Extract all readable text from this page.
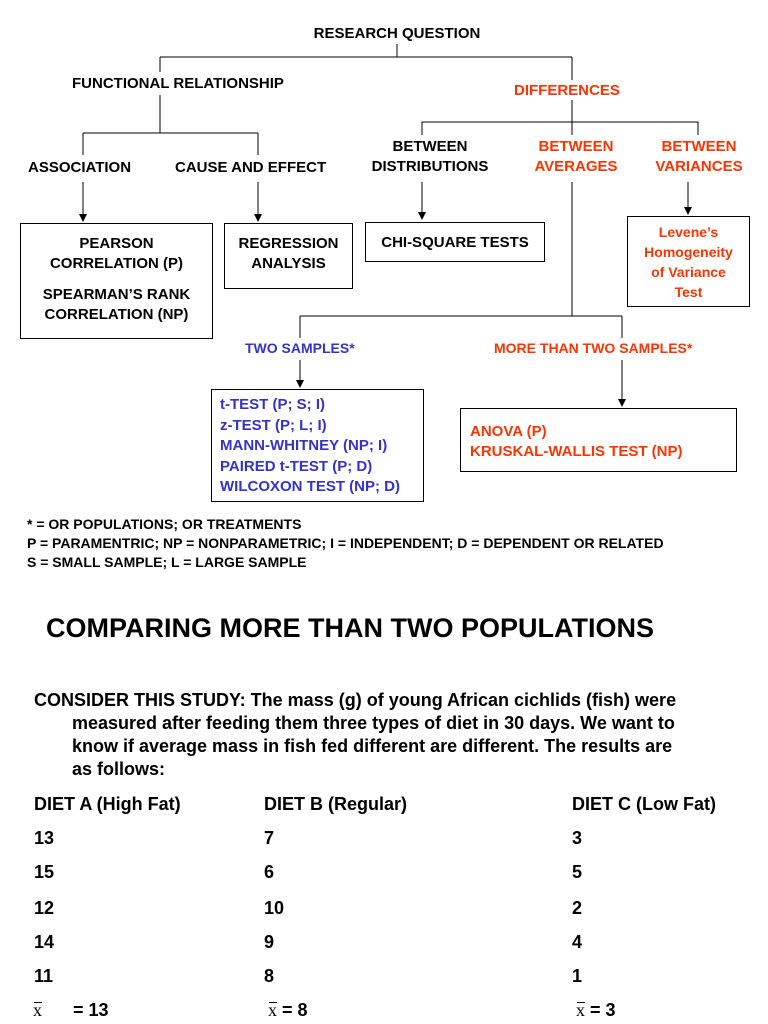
RESEARCH QUESTION
FUNCTIONAL RELATIONSHIP	DIFFERENCES
ASSOCIATION	CAUSE AND EFFECT
BETWEEN
DISTRIBUTIONS
BETWEEN
AVERAGES
BETWEEN
VARIANCES
PEARSON
CORRELATION (P)
SPEARMAN’S RANK
CORRELATION (NP)
REGRESSION
ANALYSIS
CHI-SQUARE TESTS
Levene’s
Homogeneity
of Variance
Test
TWO SAMPLES*	MORE THAN TWO SAMPLES*
t-TEST (P; S; I)
z-TEST (P; L; I)
MANN-WHITNEY (NP; I)
PAIRED t-TEST (P; D)
WILCOXON TEST (NP; D)
ANOVA (P)
KRUSKAL-WALLIS TEST (NP)
* = OR POPULATIONS; OR TREATMENTS
P = PARAMENTRIC; NP = NONPARAMETRIC; I = INDEPENDENT; D = DEPENDENT OR RELATED
S = SMALL SAMPLE; L = LARGE SAMPLE
COMPARING MORE THAN TWO POPULATIONS
CONSIDER THIS STUDY: The mass (g) of young African cichlids (fish) were
measured after feeding them three types of diet in 30 days. We want to
know if average mass in fish fed different are different. The results are
as follows:
DIET A (High Fat)	DIET B (Regular)	DIET C (Low Fat)
13	7	3
15	6	5
12	10	2
14	9	4
11	8	1
x = 13	x = 8	x = 3
